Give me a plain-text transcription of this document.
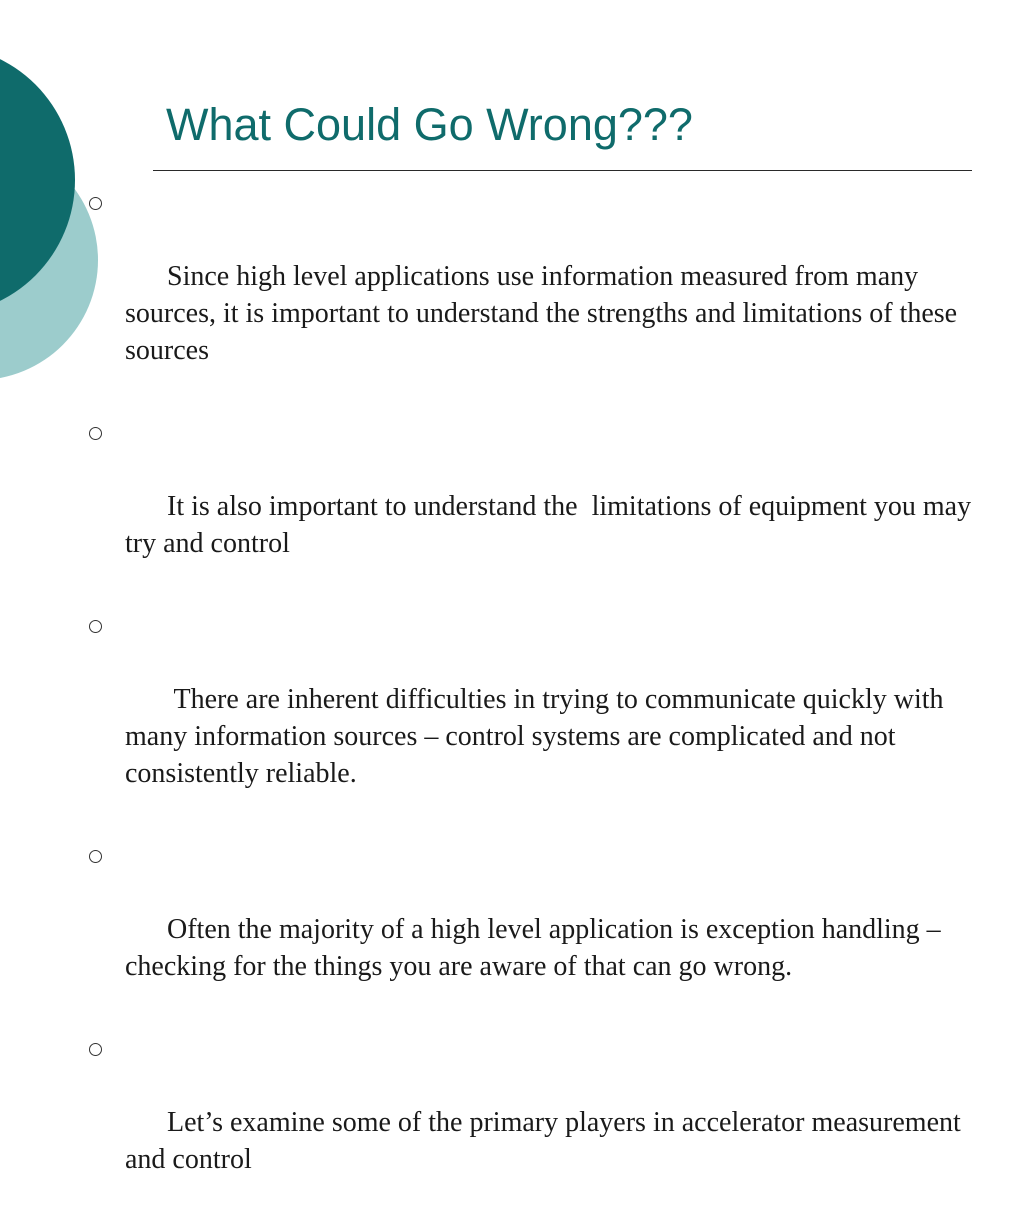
What Could Go Wrong???

Since high level applications use information measured from many sources, it is important to understand the strengths and limitations of these sources

It is also important to understand the  limitations of equipment you may try and control

There are inherent difficulties in trying to communicate quickly with many information sources – control systems are complicated and not consistently reliable.

Often the majority of a high level application is exception handling – checking for the things you are aware of that can go wrong.

Let’s examine some of the primary players in accelerator measurement and control
